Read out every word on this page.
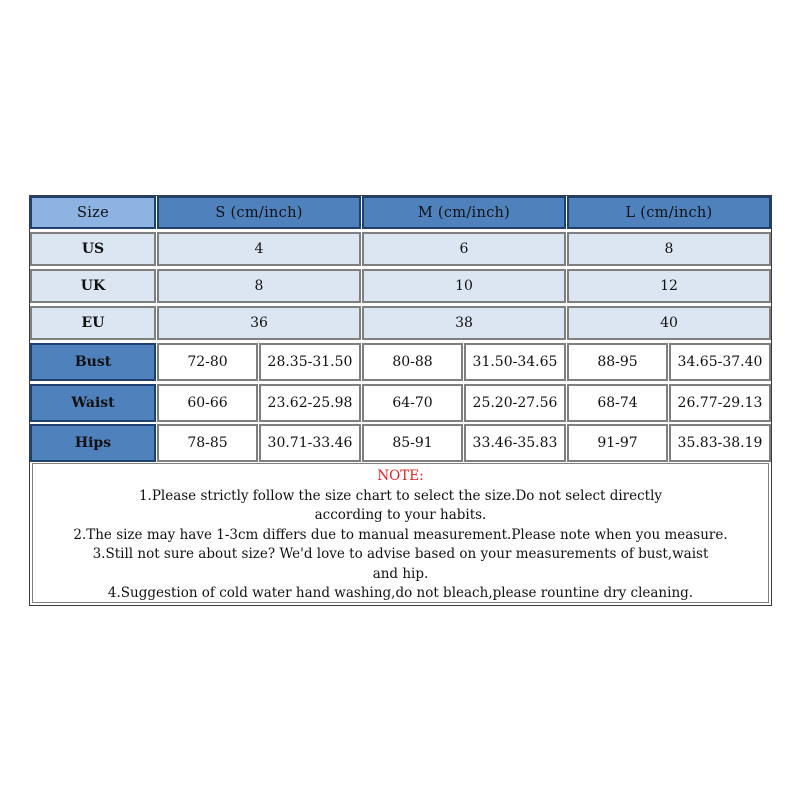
Size	S (cm/inch)	M (cm/inch)	L (cm/inch)
US	4	6	8
UK	8	10	12
EU	36	38	40
Bust	72-80	28.35-31.50	80-88	31.50-34.65	88-95	34.65-37.40
Waist	60-66	23.62-25.98	64-70	25.20-27.56	68-74	26.77-29.13
Hips	78-85	30.71-33.46	85-91	33.46-35.83	91-97	35.83-38.19
NOTE:
1.Please strictly follow the size chart to select the size.Do not select directly
according to your habits.
2.The size may have 1-3cm differs due to manual measurement.Please note when you measure.
3.Still not sure about size? We'd love to advise based on your measurements of bust,waist
and hip.
4.Suggestion of cold water hand washing,do not bleach,please rountine dry cleaning.
